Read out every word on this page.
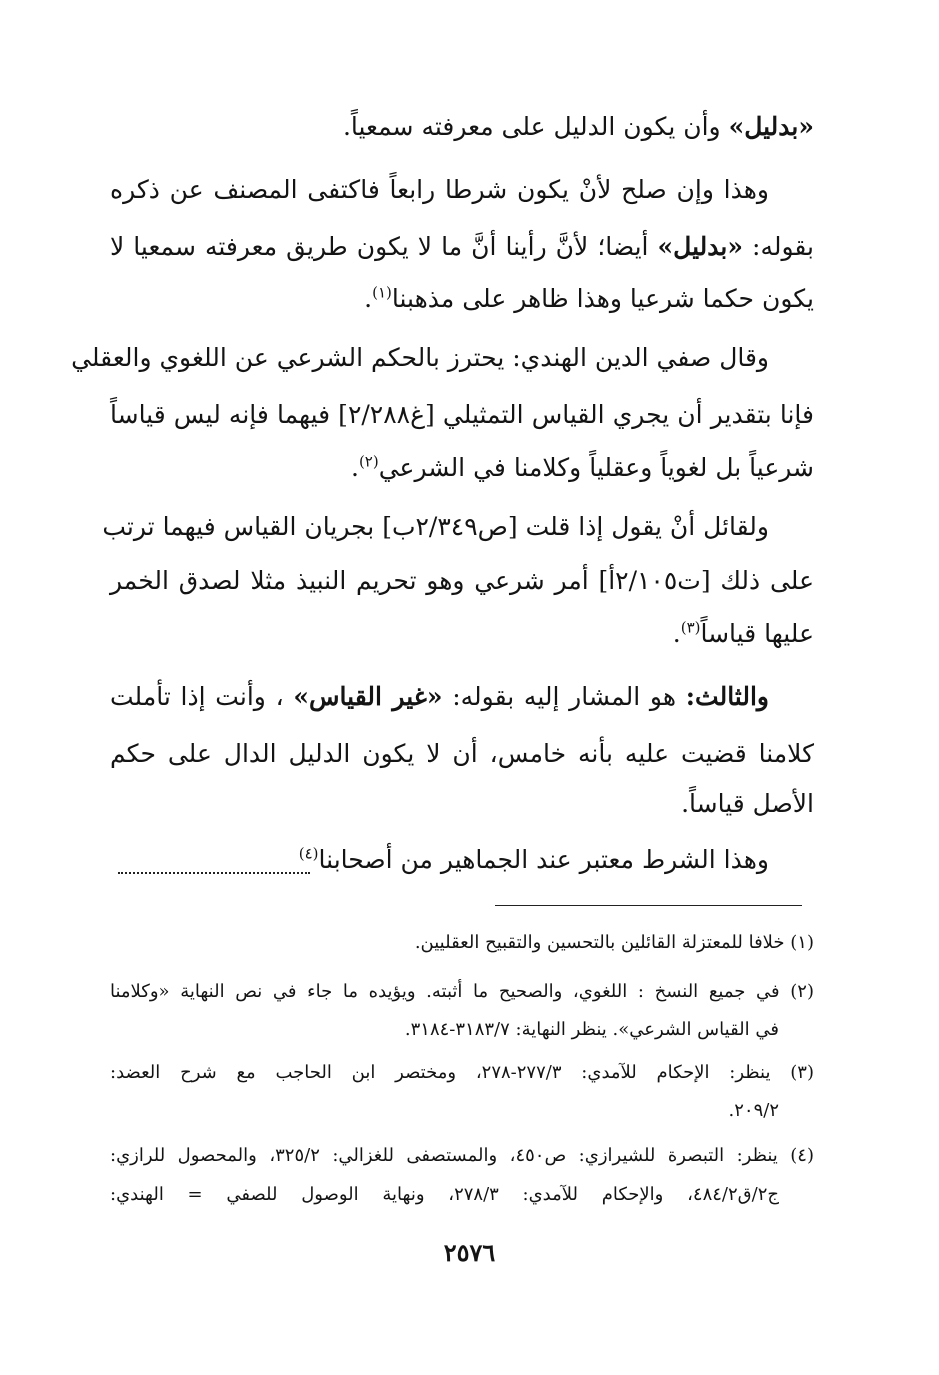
«بدليل» وأن يكون الدليل على معرفته سمعياً.
وهذا وإن صلح لأنْ يكون شرطا رابعاً فاكتفى المصنف عن ذكره
بقوله: «بدليل» أيضا؛ لأنَّ رأينا أنَّ ما لا يكون طريق معرفته سمعيا لا
يكون حكما شرعيا وهذا ظاهر على مذهبنا$^{(١)}$.
وقال صفي الدين الهندي: يحترز بالحكم الشرعي عن اللغوي والعقلي
فإنا بتقدير أن يجري القياس التمثيلي [غ٢/٢٨٨] فيهما فإنه ليس قياساً
شرعياً بل لغوياً وعقلياً وكلامنا في الشرعي$^{(٢)}$.
ولقائل أنْ يقول إذا قلت [ص٢/٣٤٩ب] بجريان القياس فيهما ترتب
على ذلك [ت٢/١٠٥أ] أمر شرعي وهو تحريم النبيذ مثلا لصدق الخمر
عليها قياساً$^{(٣)}$.
والثالث: هو المشار إليه بقوله: «غير القياس» ، وأنت إذا تأملت
كلامنا قضيت عليه بأنه خامس، أن لا يكون الدليل الدال على حكم
الأصل قياساً.
وهذا الشرط معتبر عند الجماهير من أصحابنا$^{(٤)}$
(١) خلافا للمعتزلة القائلين بالتحسين والتقبيح العقليين.
(٢) في جميع النسخ : اللغوي، والصحيح ما أثبته. ويؤيده ما جاء في نص النهاية «وكلامنا
في القياس الشرعي». ينظر النهاية: ٣١٨٣/٧-٣١٨٤.
(٣) ينظر: الإحكام للآمدي: ٢٧٧/٣-٢٧٨، ومختصر ابن الحاجب مع شرح العضد:
٢٠٩/٢.
(٤) ينظر: التبصرة للشيرازي: ص٤٥٠، والمستصفى للغزالي: ٣٢٥/٢، والمحصول للرازي:
ج٢/ق٤٨٤/٢، والإحكام للآمدي: ٢٧٨/٣، ونهاية الوصول للصفي = الهندي:
٢٥٧٦
